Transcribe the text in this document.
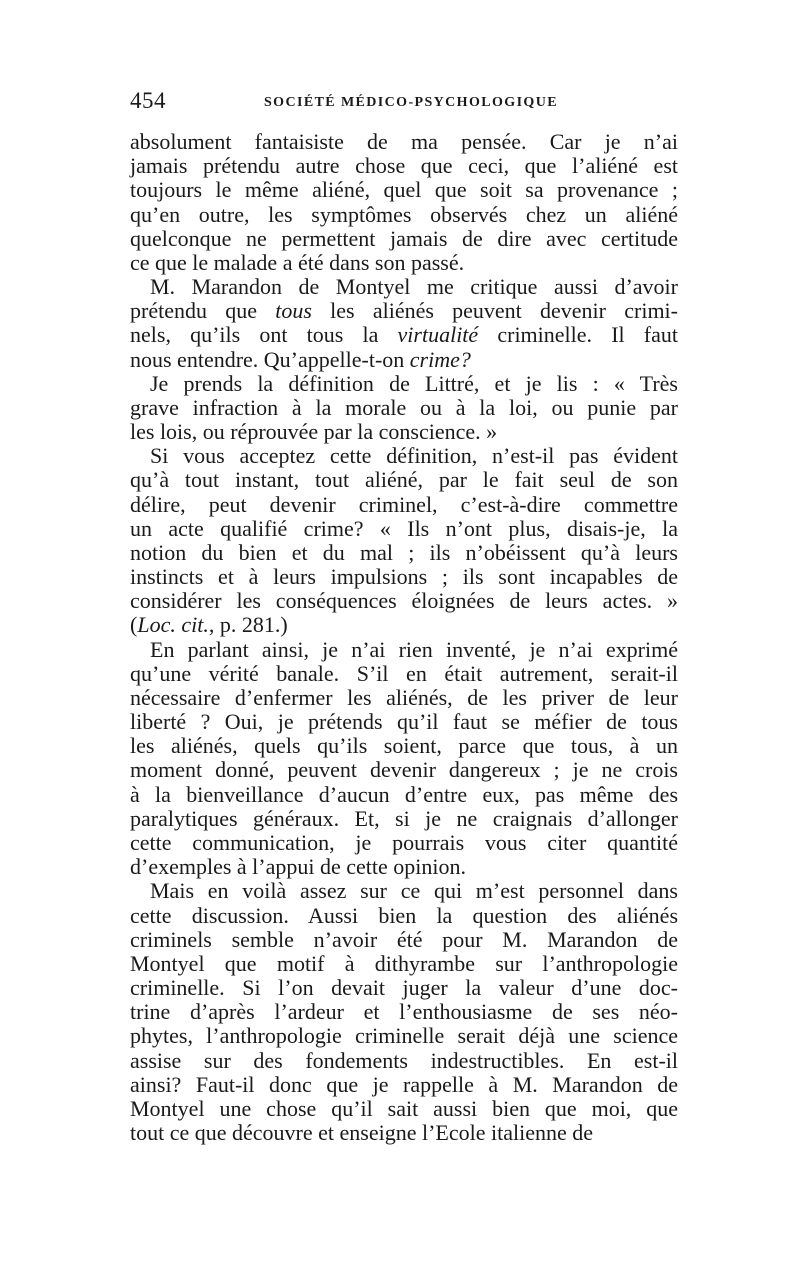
454	SOCIÉTÉ MÉDICO-PSYCHOLOGIQUE
absolument fantaisiste de ma pensée. Car je n’ai
jamais prétendu autre chose que ceci, que l’aliéné est
toujours le même aliéné, quel que soit sa provenance ;
qu’en outre, les symptômes observés chez un aliéné
quelconque ne permettent jamais de dire avec certitude
ce que le malade a été dans son passé.
M. Marandon de Montyel me critique aussi d’avoir
prétendu que tous les aliénés peuvent devenir crimi-
nels, qu’ils ont tous la virtualité criminelle. Il faut
nous entendre. Qu’appelle-t-on crime?
Je prends la définition de Littré, et je lis : « Très
grave infraction à la morale ou à la loi, ou punie par
les lois, ou réprouvée par la conscience. »
Si vous acceptez cette définition, n’est-il pas évident
qu’à tout instant, tout aliéné, par le fait seul de son
délire, peut devenir criminel, c’est-à-dire commettre
un acte qualifié crime? « Ils n’ont plus, disais-je, la
notion du bien et du mal ; ils n’obéissent qu’à leurs
instincts et à leurs impulsions ; ils sont incapables de
considérer les conséquences éloignées de leurs actes. »
(Loc. cit., p. 281.)
En parlant ainsi, je n’ai rien inventé, je n’ai exprimé
qu’une vérité banale. S’il en était autrement, serait-il
nécessaire d’enfermer les aliénés, de les priver de leur
liberté ? Oui, je prétends qu’il faut se méfier de tous
les aliénés, quels qu’ils soient, parce que tous, à un
moment donné, peuvent devenir dangereux ; je ne crois
à la bienveillance d’aucun d’entre eux, pas même des
paralytiques généraux. Et, si je ne craignais d’allonger
cette communication, je pourrais vous citer quantité
d’exemples à l’appui de cette opinion.
Mais en voilà assez sur ce qui m’est personnel dans
cette discussion. Aussi bien la question des aliénés
criminels semble n’avoir été pour M. Marandon de
Montyel que motif à dithyrambe sur l’anthropologie
criminelle. Si l’on devait juger la valeur d’une doc-
trine d’après l’ardeur et l’enthousiasme de ses néo-
phytes, l’anthropologie criminelle serait déjà une science
assise sur des fondements indestructibles. En est-il
ainsi? Faut-il donc que je rappelle à M. Marandon de
Montyel une chose qu’il sait aussi bien que moi, que
tout ce que découvre et enseigne l’Ecole italienne de
